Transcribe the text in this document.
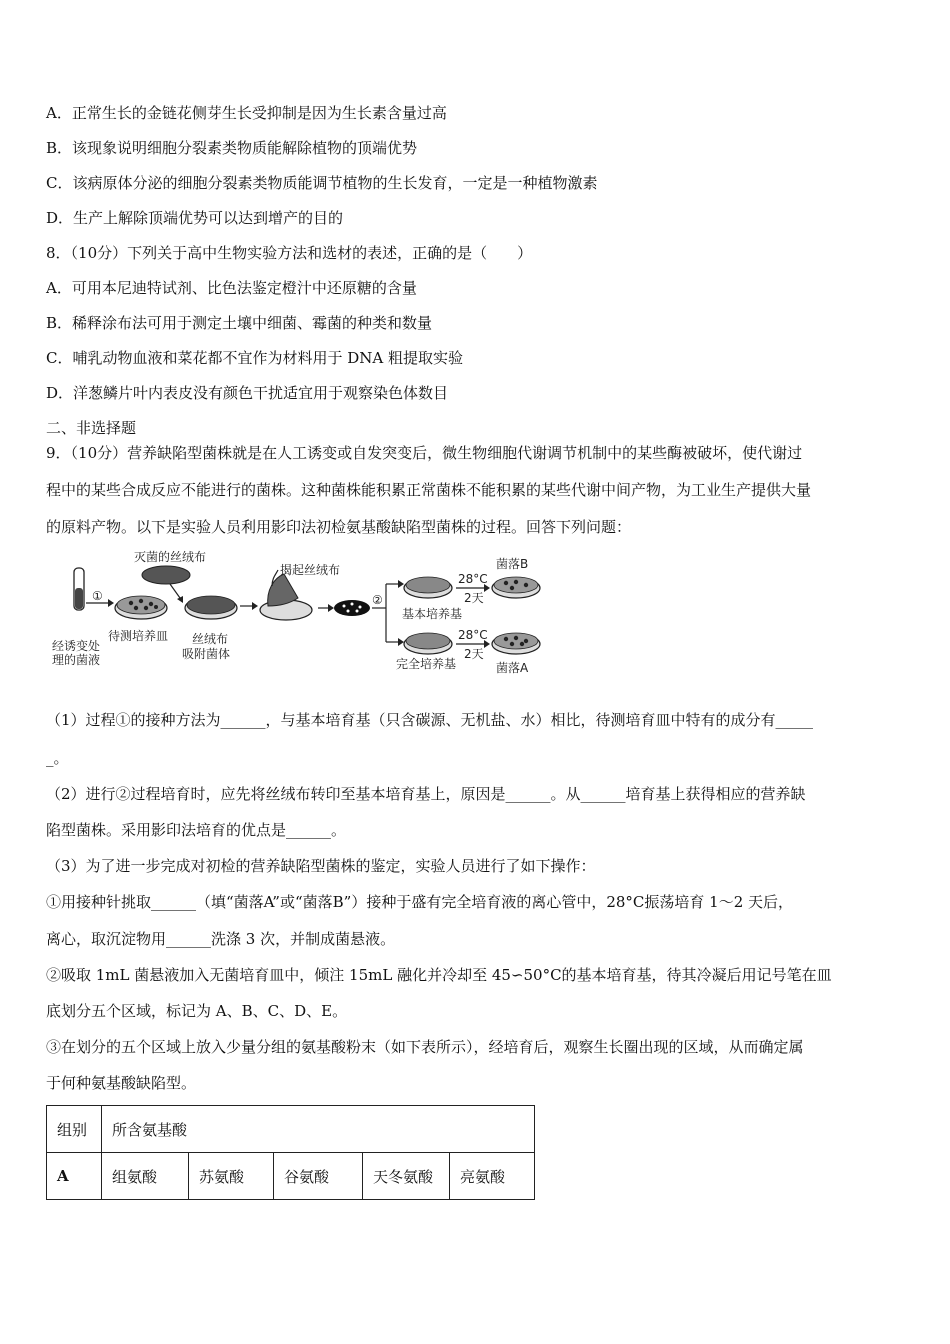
A．正常生长的金链花侧芽生长受抑制是因为生长素含量过高
B．该现象说明细胞分裂素类物质能解除植物的顶端优势
C．该病原体分泌的细胞分裂素类物质能调节植物的生长发育，一定是一种植物激素
D．生产上解除顶端优势可以达到增产的目的
8．（10分）下列关于高中生物实验方法和选材的表述，正确的是（　　）
A．可用本尼迪特试剂、比色法鉴定橙汁中还原糖的含量
B．稀释涂布法可用于测定土壤中细菌、霉菌的种类和数量
C．哺乳动物血液和菜花都不宜作为材料用于 DNA 粗提取实验
D．洋葱鳞片叶内表皮没有颜色干扰适宜用于观察染色体数目
二、非选择题
9．（10分）营养缺陷型菌株就是在人工诱变或自发突变后，微生物细胞代谢调节机制中的某些酶被破坏，使代谢过
程中的某些合成反应不能进行的菌株。这种菌株能积累正常菌株不能积累的某些代谢中间产物，为工业生产提供大量
的原料产物。以下是实验人员利用影印法初检氨基酸缺陷型菌株的过程。回答下列问题：
经诱变处
理的菌液
①
待测培养皿
灭菌的丝绒布
丝绒布
吸附菌体
揭起丝绒布
②
基本培养基
完全培养基
28°C
2天
28°C
2天
菌落B
菌落A
（1）过程①的接种方法为______，与基本培育基（只含碳源、无机盐、水）相比，待测培育皿中特有的成分有_____
_。
（2）进行②过程培育时，应先将丝绒布转印至基本培育基上，原因是______。从______培育基上获得相应的营养缺
陷型菌株。采用影印法培育的优点是______。
（3）为了进一步完成对初检的营养缺陷型菌株的鉴定，实验人员进行了如下操作：
①用接种针挑取______（填“菌落A”或“菌落B”）接种于盛有完全培育液的离心管中，28°C振荡培育 1～2 天后，
离心，取沉淀物用______洗涤 3 次，并制成菌悬液。
②吸取 1mL 菌悬液加入无菌培育皿中，倾注 15mL 融化并冷却至 45∽50°C的基本培育基，待其冷凝后用记号笔在皿
底划分五个区域，标记为 A、B、C、D、E。
③在划分的五个区域上放入少量分组的氨基酸粉末（如下表所示），经培育后，观察生长圈出现的区域，从而确定属
于何种氨基酸缺陷型。
组别	所含氨基酸				
A	组氨酸	苏氨酸	谷氨酸	天冬氨酸	亮氨酸
